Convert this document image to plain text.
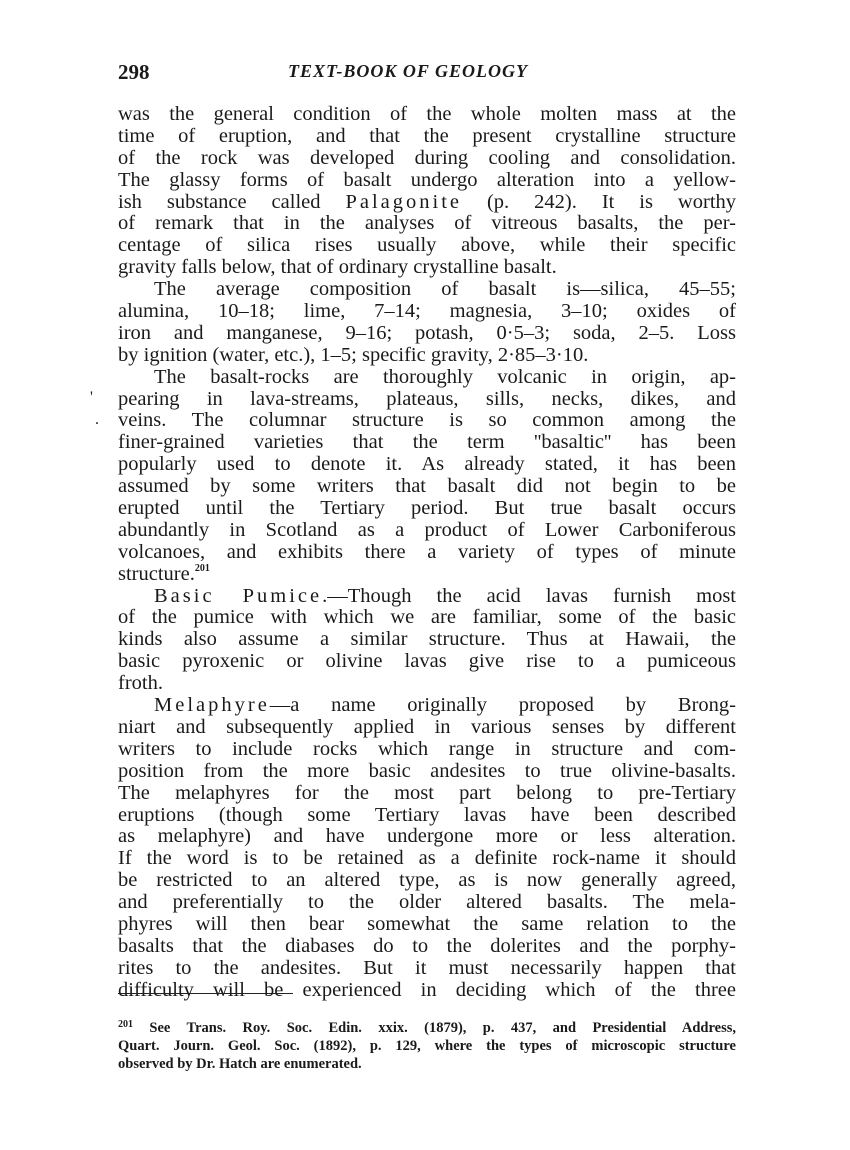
298	TEXT-BOOK OF GEOLOGY
was the general condition of the whole molten mass at the
time of eruption, and that the present crystalline structure
of the rock was developed during cooling and consolidation.
The glassy forms of basalt undergo alteration into a yellow-
ish substance called Palagonite (p. 242). It is worthy
of remark that in the analyses of vitreous basalts, the per-
centage of silica rises usually above, while their specific
gravity falls below, that of ordinary crystalline basalt.
The average composition of basalt is—silica, 45–55;
alumina, 10–18; lime, 7–14; magnesia, 3–10; oxides of
iron and manganese, 9–16; potash, 0·5–3; soda, 2–5. Loss
by ignition (water, etc.), 1–5; specific gravity, 2·85–3·10.
The basalt-rocks are thoroughly volcanic in origin, ap-
pearing in lava-streams, plateaus, sills, necks, dikes, and
veins. The columnar structure is so common among the
finer-grained varieties that the term ''basaltic'' has been
popularly used to denote it. As already stated, it has been
assumed by some writers that basalt did not begin to be
erupted until the Tertiary period. But true basalt occurs
abundantly in Scotland as a product of Lower Carboniferous
volcanoes, and exhibits there a variety of types of minute
structure.$^{201}$
Basic Pumice.—Though the acid lavas furnish most
of the pumice with which we are familiar, some of the basic
kinds also assume a similar structure. Thus at Hawaii, the
basic pyroxenic or olivine lavas give rise to a pumiceous
froth.
Melaphyre—a name originally proposed by Brong-
niart and subsequently applied in various senses by different
writers to include rocks which range in structure and com-
position from the more basic andesites to true olivine-basalts.
The melaphyres for the most part belong to pre-Tertiary
eruptions (though some Tertiary lavas have been described
as melaphyre) and have undergone more or less alteration.
If the word is to be retained as a definite rock-name it should
be restricted to an altered type, as is now generally agreed,
and preferentially to the older altered basalts. The mela-
phyres will then bear somewhat the same relation to the
basalts that the diabases do to the dolerites and the porphy-
rites to the andesites. But it must necessarily happen that
difficulty will be experienced in deciding which of the three
'
.
$^{201}$ See Trans. Roy. Soc. Edin. xxix. (1879), p. 437, and Presidential Address,
Quart. Journ. Geol. Soc. (1892), p. 129, where the types of microscopic structure
observed by Dr. Hatch are enumerated.
